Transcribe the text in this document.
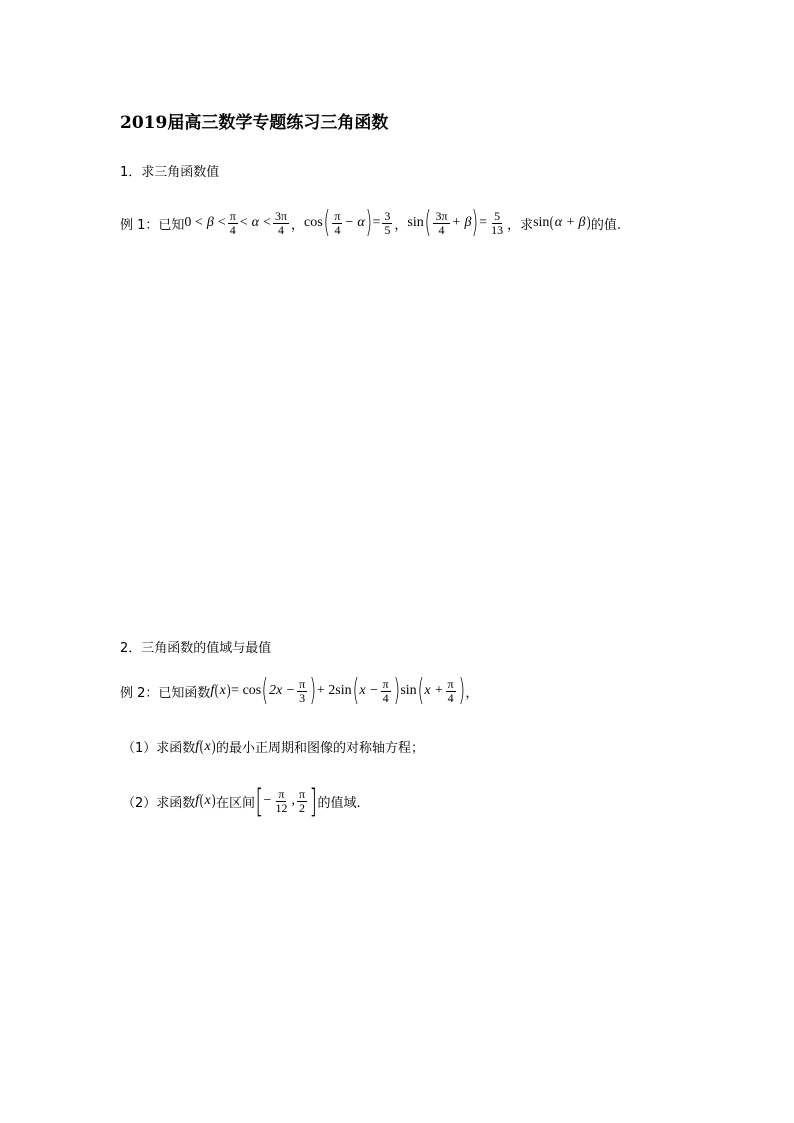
2019届高三数学专题练习三角函数
1．求三角函数值
例 1：已知 $0 < \beta < \frac{\pi}{4} < \alpha < \frac{3\pi}{4}$ ， cos ( $\frac{\pi}{4} - \alpha$ ) = $\frac{3}{5}$ ， sin ( $\frac{3\pi}{4} + \beta$ ) = $\frac{5}{13}$ ，求 sin ( α + β ) 的值.
2．三角函数的值域与最值
例 2：已知函数 f ( x ) = cos ( $2x - \frac{\pi}{3}$ ) + 2sin ( $x - \frac{\pi}{4}$ ) sin ( $x + \frac{\pi}{4}$ ) ，
（1）求函数 f ( x ) 的最小正周期和图像的对称轴方程；
（2）求函数 f ( x ) 在区间 [ − $\frac{\pi}{12}$ , $\frac{\pi}{2}$ ] 的值域.
